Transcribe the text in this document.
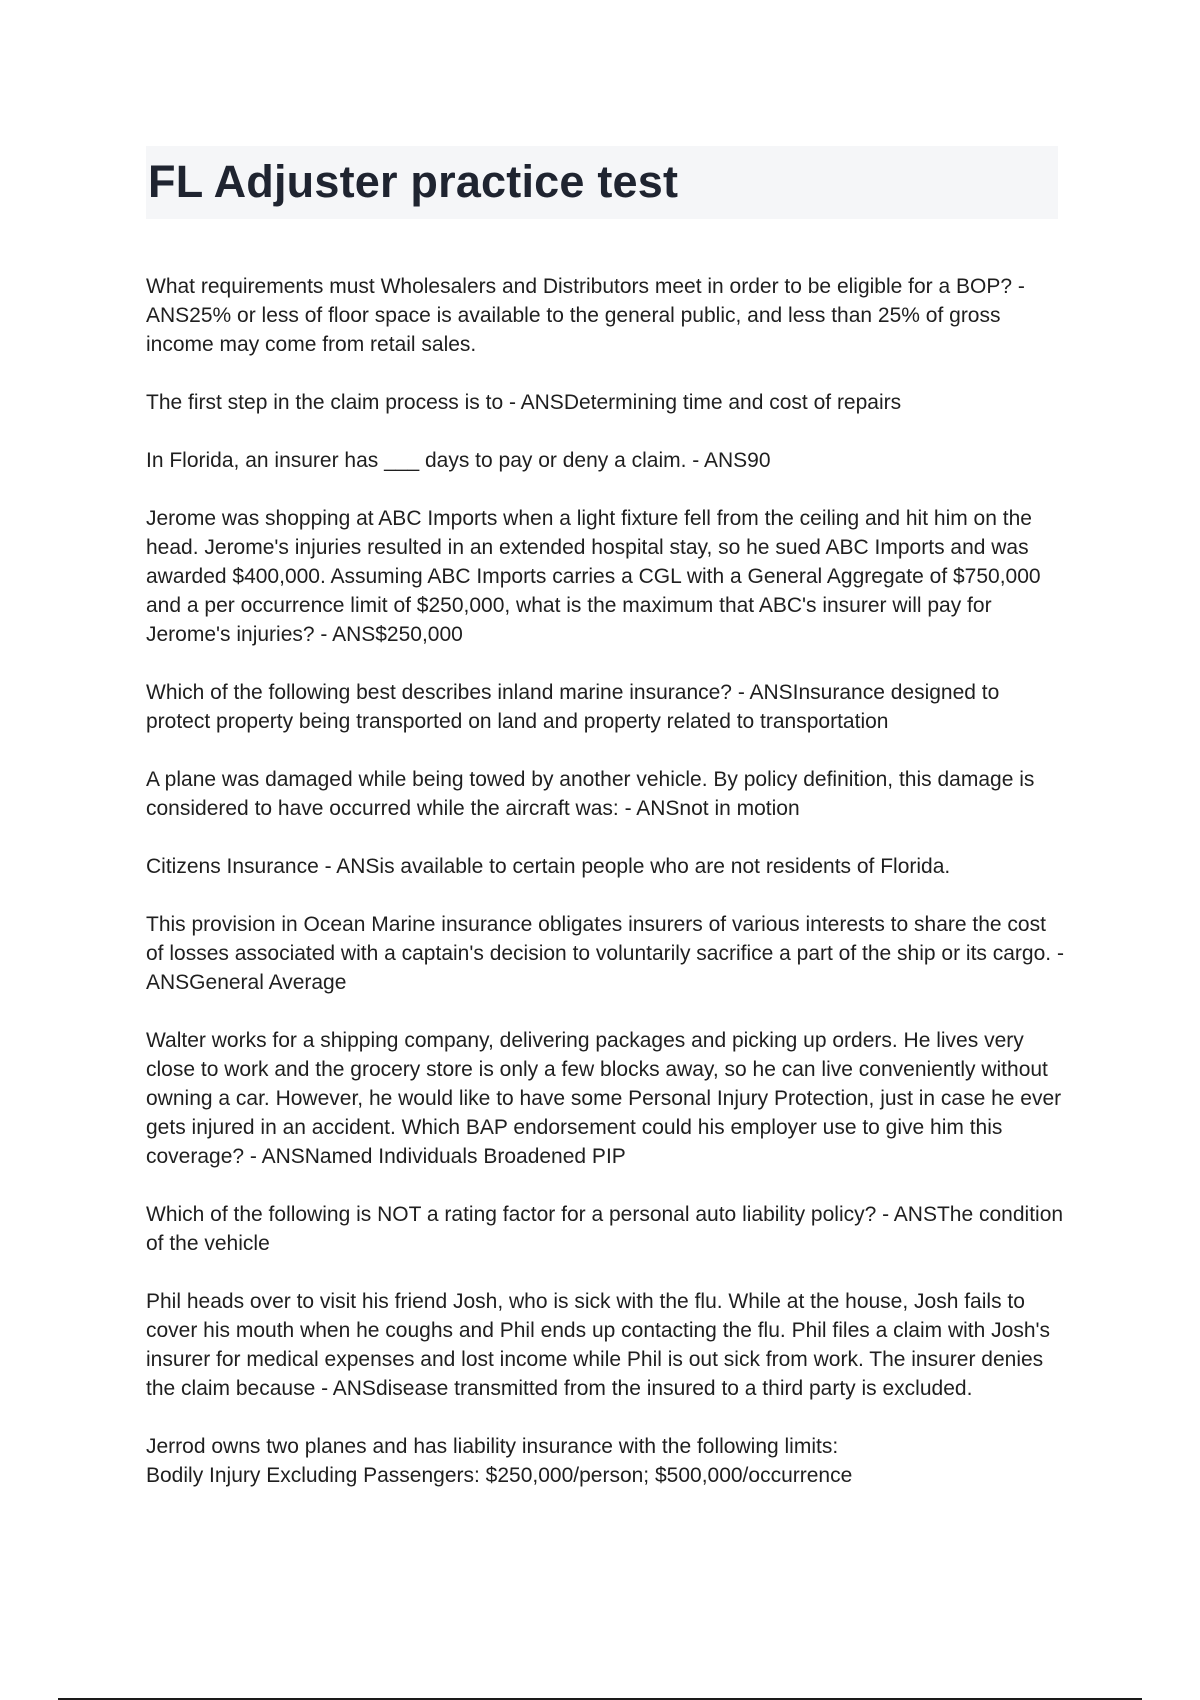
FL Adjuster practice test

What requirements must Wholesalers and Distributors meet in order to be eligible for a BOP? - ANS25% or less of floor space is available to the general public, and less than 25% of gross income may come from retail sales.

The first step in the claim process is to - ANSDetermining time and cost of repairs

In Florida, an insurer has ___ days to pay or deny a claim. - ANS90

Jerome was shopping at ABC Imports when a light fixture fell from the ceiling and hit him on the head. Jerome's injuries resulted in an extended hospital stay, so he sued ABC Imports and was awarded $400,000. Assuming ABC Imports carries a CGL with a General Aggregate of $750,000 and a per occurrence limit of $250,000, what is the maximum that ABC's insurer will pay for Jerome's injuries? - ANS$250,000

Which of the following best describes inland marine insurance? - ANSInsurance designed to protect property being transported on land and property related to transportation

A plane was damaged while being towed by another vehicle. By policy definition, this damage is considered to have occurred while the aircraft was: - ANSnot in motion

Citizens Insurance - ANSis available to certain people who are not residents of Florida.

This provision in Ocean Marine insurance obligates insurers of various interests to share the cost of losses associated with a captain's decision to voluntarily sacrifice a part of the ship or its cargo. - ANSGeneral Average

Walter works for a shipping company, delivering packages and picking up orders. He lives very close to work and the grocery store is only a few blocks away, so he can live conveniently without owning a car. However, he would like to have some Personal Injury Protection, just in case he ever gets injured in an accident. Which BAP endorsement could his employer use to give him this coverage? - ANSNamed Individuals Broadened PIP

Which of the following is NOT a rating factor for a personal auto liability policy? - ANSThe condition of the vehicle

Phil heads over to visit his friend Josh, who is sick with the flu. While at the house, Josh fails to cover his mouth when he coughs and Phil ends up contacting the flu. Phil files a claim with Josh's insurer for medical expenses and lost income while Phil is out sick from work. The insurer denies the claim because - ANSdisease transmitted from the insured to a third party is excluded.

Jerrod owns two planes and has liability insurance with the following limits:
Bodily Injury Excluding Passengers: $250,000/person; $500,000/occurrence
